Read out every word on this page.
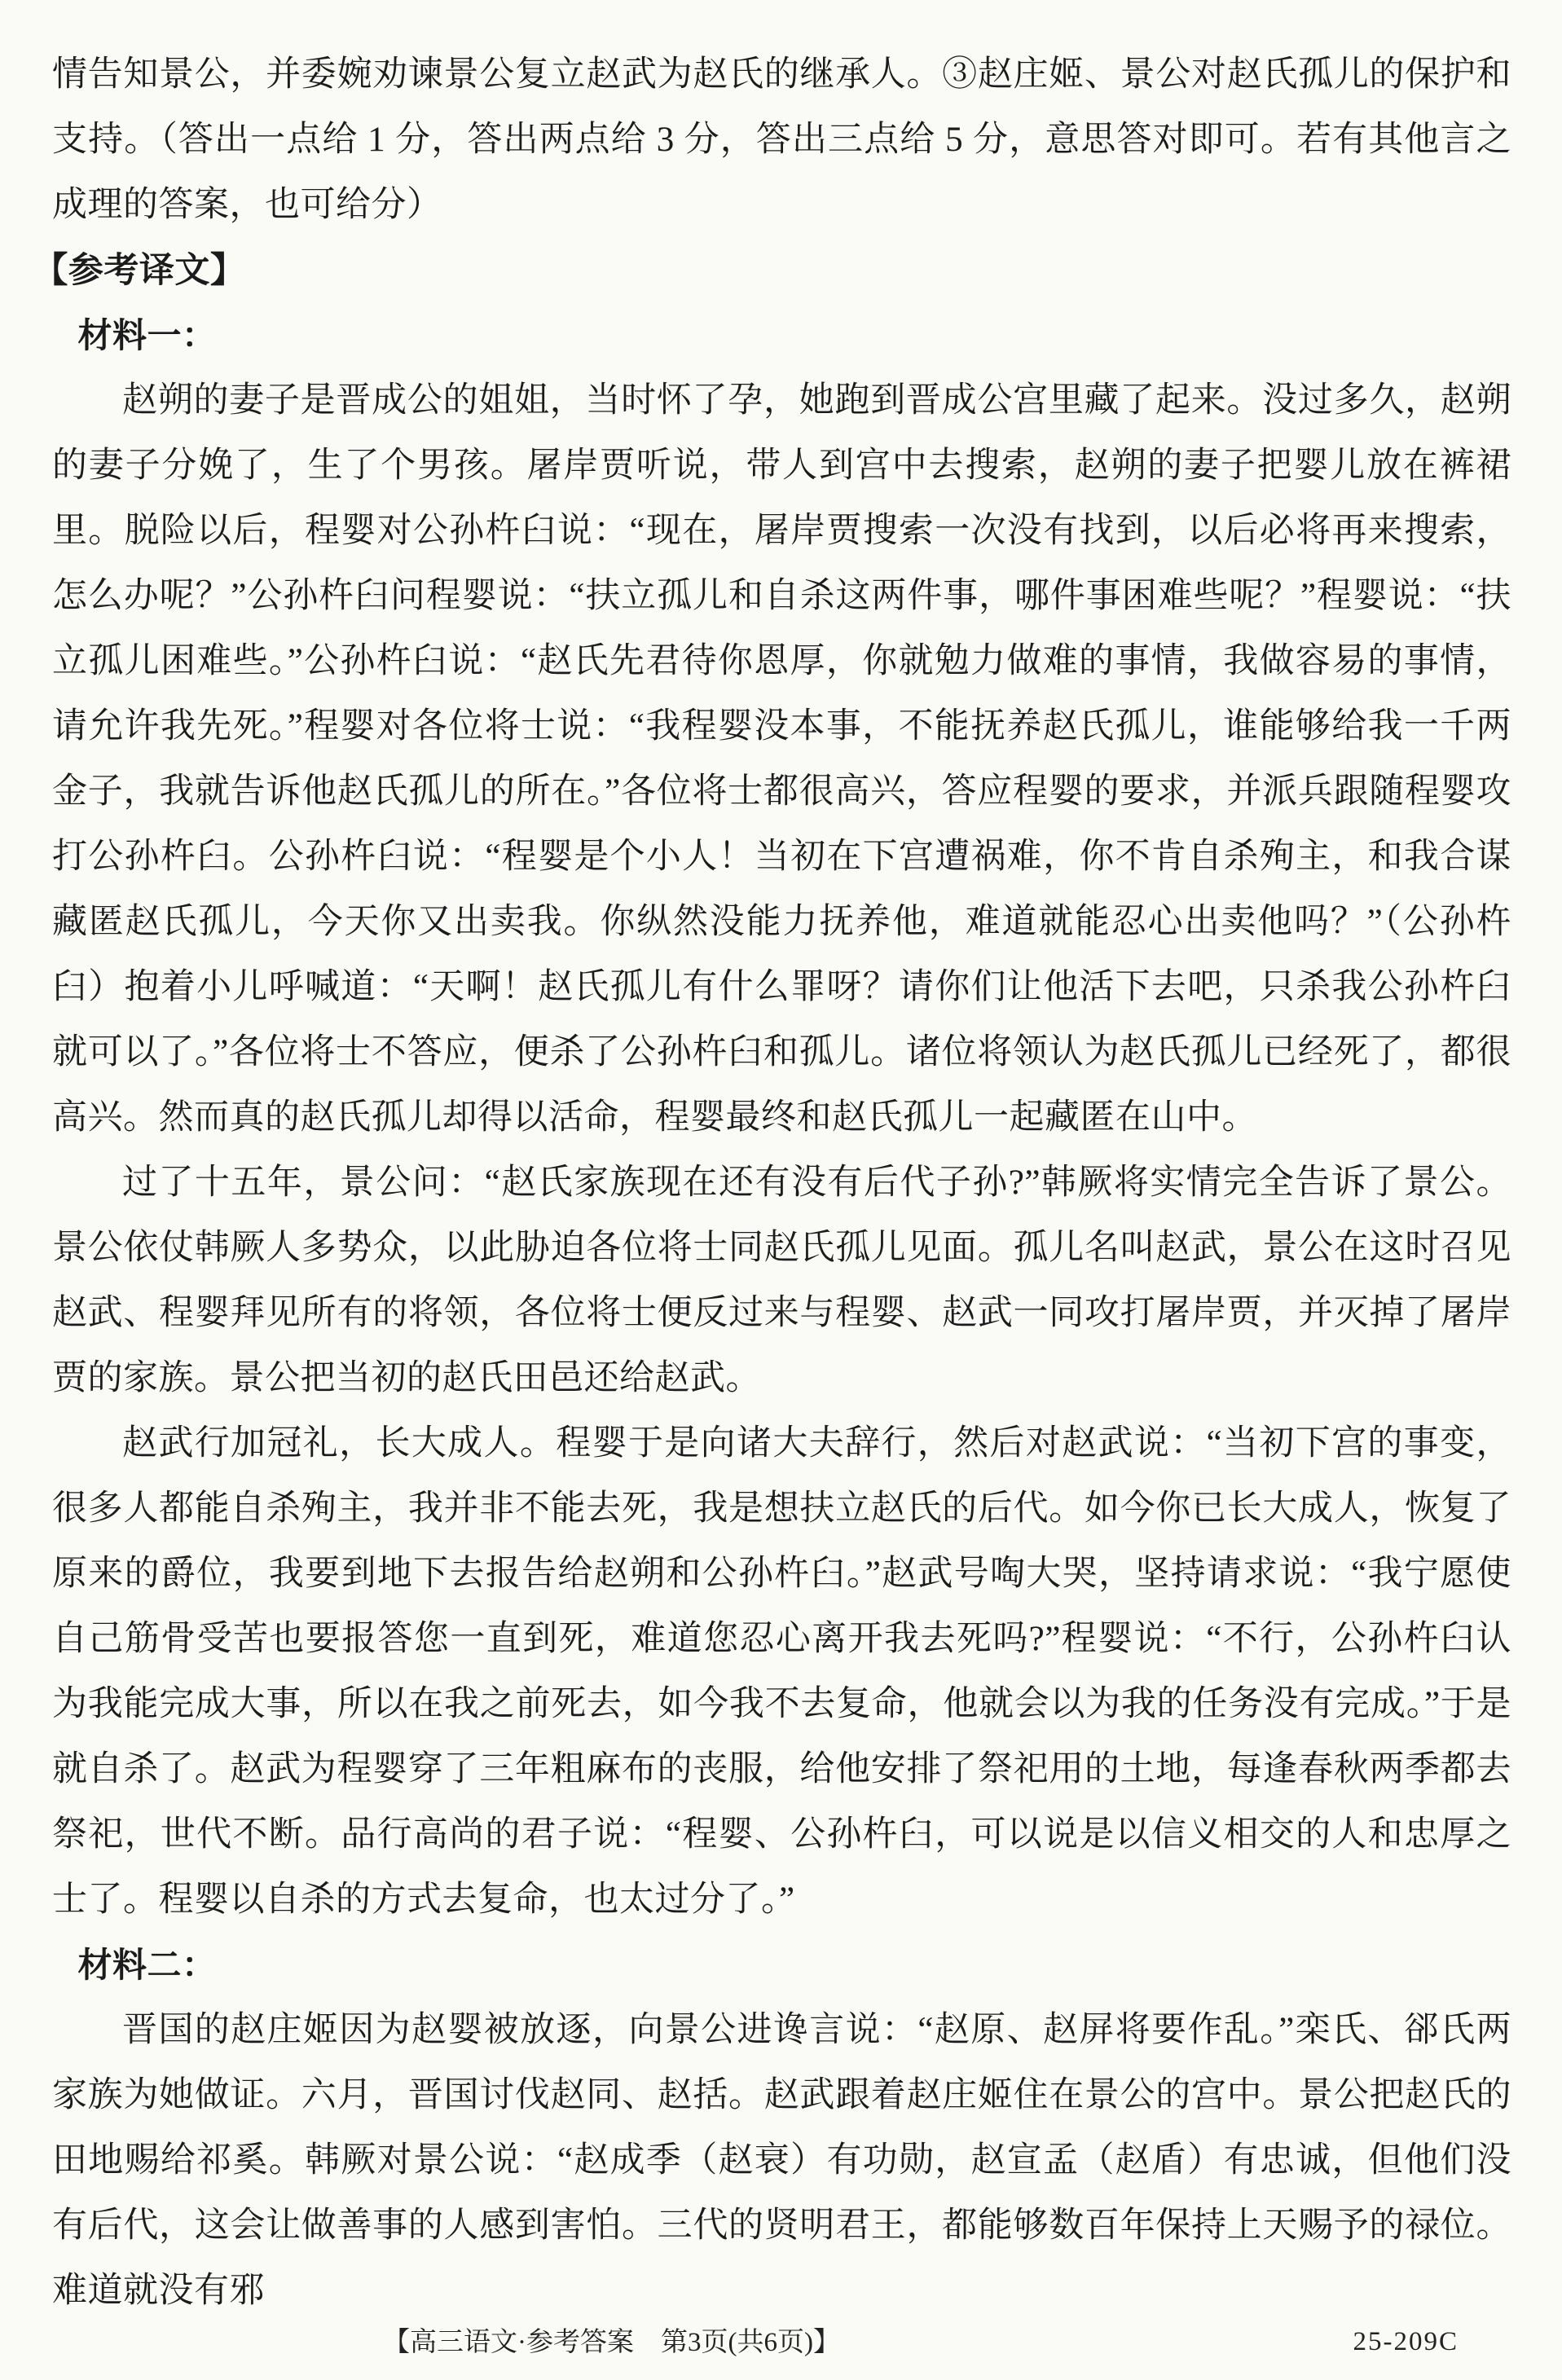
情告知景公，并委婉劝谏景公复立赵武为赵氏的继承人。③赵庄姬、景公对赵氏孤儿的保护和支持。（答出一点给 1 分，答出两点给 3 分，答出三点给 5 分，意思答对即可。若有其他言之成理的答案，也可给分）

【参考译文】
材料一：

赵朔的妻子是晋成公的姐姐，当时怀了孕，她跑到晋成公宫里藏了起来。没过多久，赵朔的妻子分娩了，生了个男孩。屠岸贾听说，带人到宫中去搜索，赵朔的妻子把婴儿放在裤裙里。脱险以后，程婴对公孙杵臼说：“现在，屠岸贾搜索一次没有找到，以后必将再来搜索，怎么办呢？”公孙杵臼问程婴说：“扶立孤儿和自杀这两件事，哪件事困难些呢？”程婴说：“扶立孤儿困难些。”公孙杵臼说：“赵氏先君待你恩厚，你就勉力做难的事情，我做容易的事情，请允许我先死。”程婴对各位将士说：“我程婴没本事，不能抚养赵氏孤儿，谁能够给我一千两金子，我就告诉他赵氏孤儿的所在。”各位将士都很高兴，答应程婴的要求，并派兵跟随程婴攻打公孙杵臼。公孙杵臼说：“程婴是个小人！当初在下宫遭祸难，你不肯自杀殉主，和我合谋藏匿赵氏孤儿，今天你又出卖我。你纵然没能力抚养他，难道就能忍心出卖他吗？”（公孙杵臼）抱着小儿呼喊道：“天啊！赵氏孤儿有什么罪呀？请你们让他活下去吧，只杀我公孙杵臼就可以了。”各位将士不答应，便杀了公孙杵臼和孤儿。诸位将领认为赵氏孤儿已经死了，都很高兴。然而真的赵氏孤儿却得以活命，程婴最终和赵氏孤儿一起藏匿在山中。

过了十五年，景公问：“赵氏家族现在还有没有后代子孙?”韩厥将实情完全告诉了景公。景公依仗韩厥人多势众，以此胁迫各位将士同赵氏孤儿见面。孤儿名叫赵武，景公在这时召见赵武、程婴拜见所有的将领，各位将士便反过来与程婴、赵武一同攻打屠岸贾，并灭掉了屠岸贾的家族。景公把当初的赵氏田邑还给赵武。

赵武行加冠礼，长大成人。程婴于是向诸大夫辞行，然后对赵武说：“当初下宫的事变，很多人都能自杀殉主，我并非不能去死，我是想扶立赵氏的后代。如今你已长大成人，恢复了原来的爵位，我要到地下去报告给赵朔和公孙杵臼。”赵武号啕大哭，坚持请求说：“我宁愿使自己筋骨受苦也要报答您一直到死，难道您忍心离开我去死吗?”程婴说：“不行，公孙杵臼认为我能完成大事，所以在我之前死去，如今我不去复命，他就会以为我的任务没有完成。”于是就自杀了。赵武为程婴穿了三年粗麻布的丧服，给他安排了祭祀用的土地，每逢春秋两季都去祭祀，世代不断。品行高尚的君子说：“程婴、公孙杵臼，可以说是以信义相交的人和忠厚之士了。程婴以自杀的方式去复命，也太过分了。”

材料二：

晋国的赵庄姬因为赵婴被放逐，向景公进谗言说：“赵原、赵屏将要作乱。”栾氏、郤氏两家族为她做证。六月，晋国讨伐赵同、赵括。赵武跟着赵庄姬住在景公的宫中。景公把赵氏的田地赐给祁奚。韩厥对景公说：“赵成季（赵衰）有功勋，赵宣孟（赵盾）有忠诚，但他们没有后代，这会让做善事的人感到害怕。三代的贤明君王，都能够数百年保持上天赐予的禄位。难道就没有邪

【高三语文·参考答案　第3页(共6页)】	25-209C
